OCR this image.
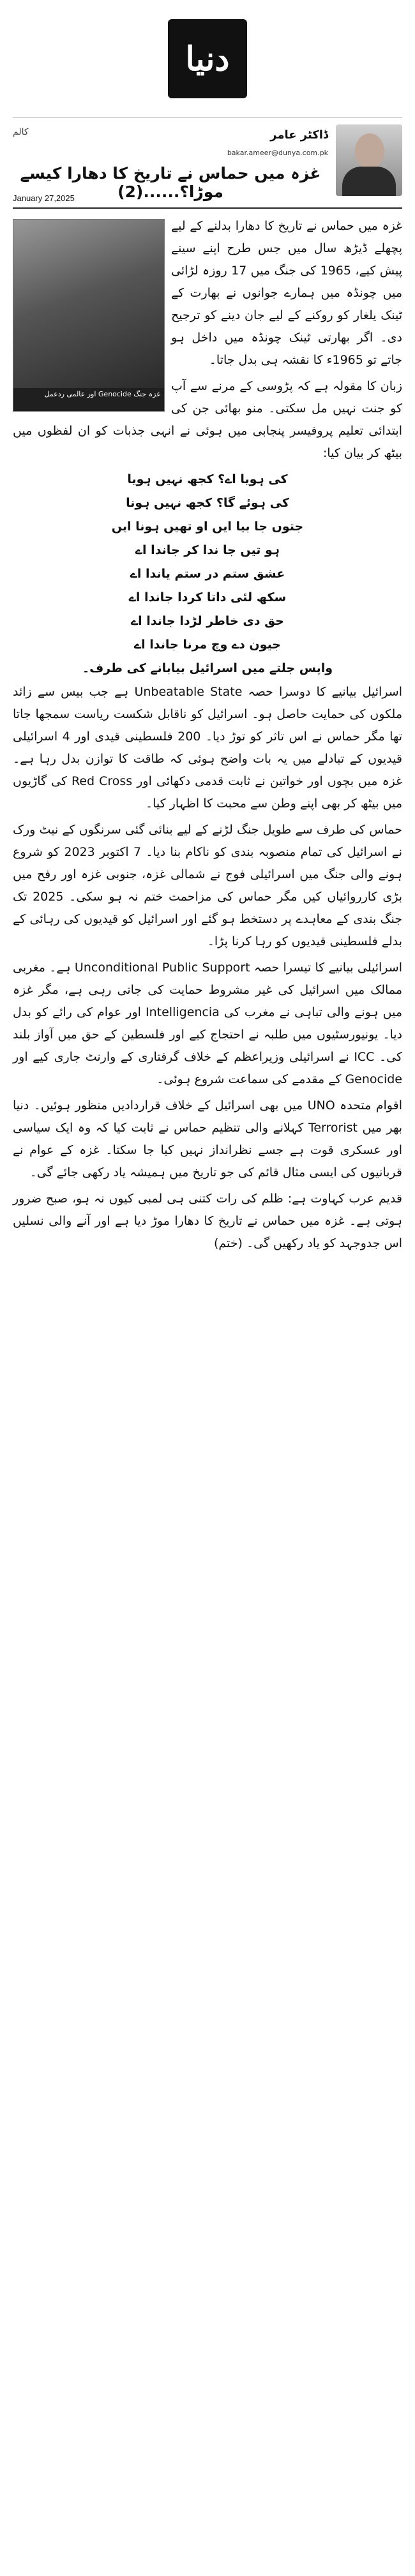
دنیا
ڈاکٹر عامر
bakar.ameer@dunya.com.pk
کالم
غزہ میں حماس نے تاریخ کا دھارا کیسے موڑا؟......(2)
January 27,2025
غزہ جنگ Genocide اور عالمی ردعمل

غزہ میں حماس نے تاریخ کا دھارا بدلنے کے لیے پچھلے ڈیڑھ سال میں جس طرح اپنے سینے پیش کیے، 1965 کی جنگ میں 17 روزہ لڑائی میں چونڈہ میں ہمارے جوانوں نے بھارت کے ٹینک یلغار کو روکنے کے لیے جان دینے کو ترجیح دی۔ اگر بھارتی ٹینک چونڈہ میں داخل ہو جاتے تو 1965ء کا نقشہ ہی بدل جاتا۔

زبان کا مقولہ ہے کہ پڑوسی کے مرنے سے آپ کو جنت نہیں مل سکتی۔ منو بھائی جن کی ابتدائی تعلیم پروفیسر پنجابی میں ہوئی نے انہی جذبات کو ان لفظوں میں بیٹھ کر بیان کیا:

کی ہویا اے؟ کجھ نہیں ہویا
کی ہوئے گا؟ کجھ نہیں ہونا
جتوں جا بیا ایں او تھیں ہونا ایں
ہو تیں جا ندا کر جاندا اے
عشق ستم در ستم یاندا اے
سکھ لئی داتا کردا جاندا اے
حق دی خاطر لڑدا جاندا اے
جیون دے وچ مرنا جاندا اے
واپس جلتے میں اسرائیل بیابانے کی طرف۔

اسرائیل بیانیے کا دوسرا حصہ Unbeatable State ہے جب بیس سے زائد ملکوں کی حمایت حاصل ہو۔ اسرائیل کو ناقابل شکست ریاست سمجھا جاتا تھا مگر حماس نے اس تاثر کو توڑ دیا۔ 200 فلسطینی قیدی اور 4 اسرائیلی قیدیوں کے تبادلے میں یہ بات واضح ہوئی کہ طاقت کا توازن بدل رہا ہے۔ غزہ میں بچوں اور خواتین نے ثابت قدمی دکھائی اور Red Cross کی گاڑیوں میں بیٹھ کر بھی اپنے وطن سے محبت کا اظہار کیا۔

حماس کی طرف سے طویل جنگ لڑنے کے لیے بنائی گئی سرنگوں کے نیٹ ورک نے اسرائیل کی تمام منصوبہ بندی کو ناکام بنا دیا۔ 7 اکتوبر 2023 کو شروع ہونے والی جنگ میں اسرائیلی فوج نے شمالی غزہ، جنوبی غزہ اور رفح میں بڑی کارروائیاں کیں مگر حماس کی مزاحمت ختم نہ ہو سکی۔ 2025 تک جنگ بندی کے معاہدے پر دستخط ہو گئے اور اسرائیل کو قیدیوں کی رہائی کے بدلے فلسطینی قیدیوں کو رہا کرنا پڑا۔

اسرائیلی بیانیے کا تیسرا حصہ Unconditional Public Support ہے۔ مغربی ممالک میں اسرائیل کی غیر مشروط حمایت کی جاتی رہی ہے، مگر غزہ میں ہونے والی تباہی نے مغرب کی Intelligencia اور عوام کی رائے کو بدل دیا۔ یونیورسٹیوں میں طلبہ نے احتجاج کیے اور فلسطین کے حق میں آواز بلند کی۔ ICC نے اسرائیلی وزیراعظم کے خلاف گرفتاری کے وارنٹ جاری کیے اور Genocide کے مقدمے کی سماعت شروع ہوئی۔

اقوام متحدہ UNO میں بھی اسرائیل کے خلاف قراردادیں منظور ہوئیں۔ دنیا بھر میں Terrorist کہلانے والی تنظیم حماس نے ثابت کیا کہ وہ ایک سیاسی اور عسکری قوت ہے جسے نظرانداز نہیں کیا جا سکتا۔ غزہ کے عوام نے قربانیوں کی ایسی مثال قائم کی جو تاریخ میں ہمیشہ یاد رکھی جائے گی۔

قدیم عرب کہاوت ہے: ظلم کی رات کتنی ہی لمبی کیوں نہ ہو، صبح ضرور ہوتی ہے۔ غزہ میں حماس نے تاریخ کا دھارا موڑ دیا ہے اور آنے والی نسلیں اس جدوجہد کو یاد رکھیں گی۔ (ختم)
